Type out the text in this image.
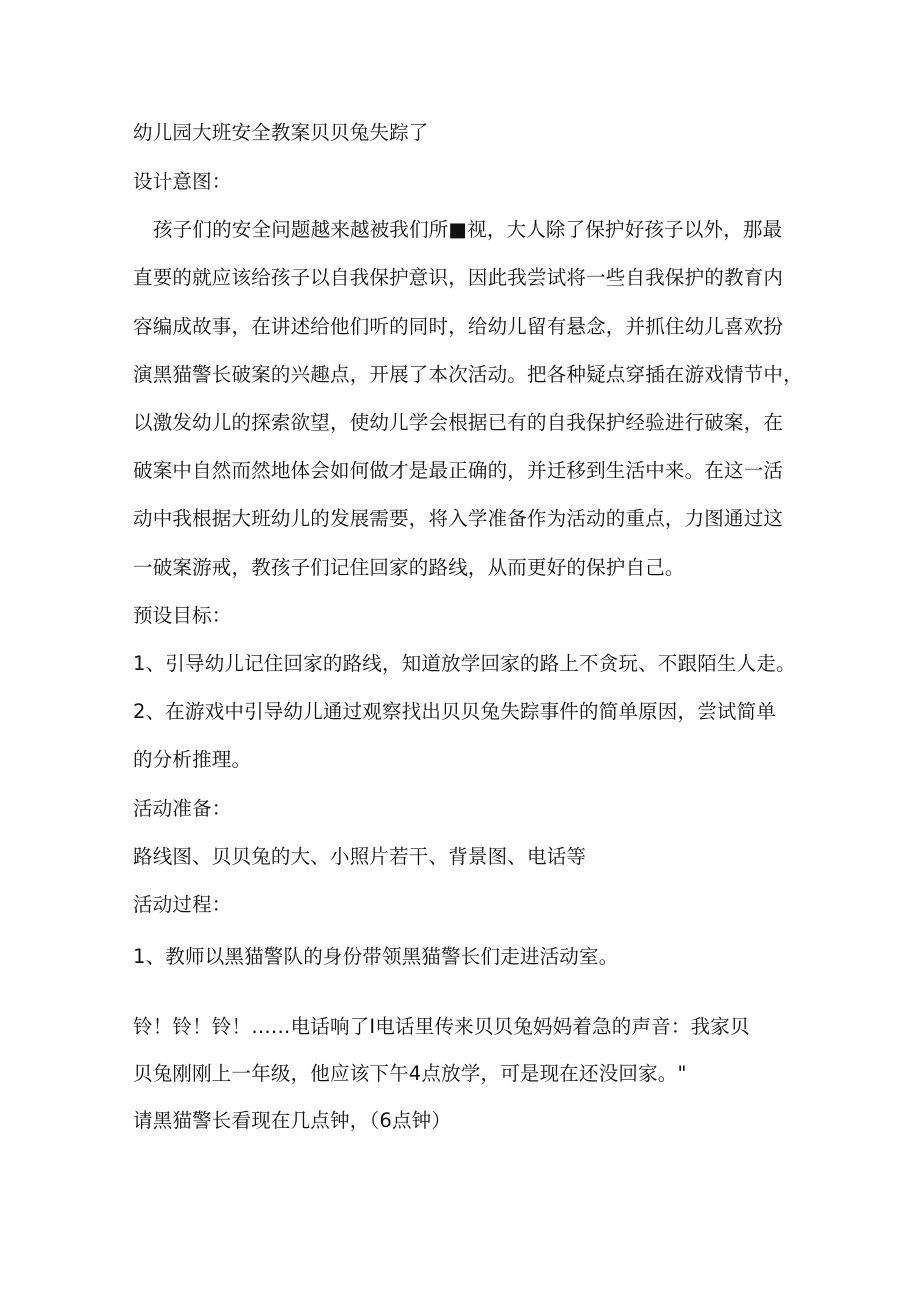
幼儿园大班安全教案贝贝兔失踪了
设计意图：
孩子们的安全问题越来越被我们所■视，大人除了保护好孩子以外，那最
直要的就应该给孩子以自我保护意识，因此我尝试将一些自我保护的教育内
容编成故事，在讲述给他们听的同时，给幼儿留有悬念，并抓住幼儿喜欢扮
演黑猫警长破案的兴趣点，开展了本次活动。把各种疑点穿插在游戏情节中，
以激发幼儿的探索欲望，使幼儿学会根据已有的自我保护经验进行破案，在
破案中自然而然地体会如何做才是最正确的，并迁移到生活中来。在这一活
动中我根据大班幼儿的发展需要，将入学准备作为活动的重点，力图通过这
一破案游戒，教孩子们记住回家的路线，从而更好的保护自己。
预设目标：
1、引导幼儿记住回家的路线，知道放学回家的路上不贪玩、不跟陌生人走。
2、在游戏中引导幼儿通过观察找出贝贝兔失踪事件的简单原因，尝试简单
的分析推理。
活动准备：
路线图、贝贝兔的大、小照片若干、背景图、电话等
活动过程：
1、教师以黑猫警队的身份带领黑猫警长们走进活动室。
铃！铃！铃！……电话响了I电话里传来贝贝兔妈妈着急的声音：我家贝
贝兔刚刚上一年级，他应该下午4点放学，可是现在还没回家。"
请黑猫警长看现在几点钟，（6点钟）
